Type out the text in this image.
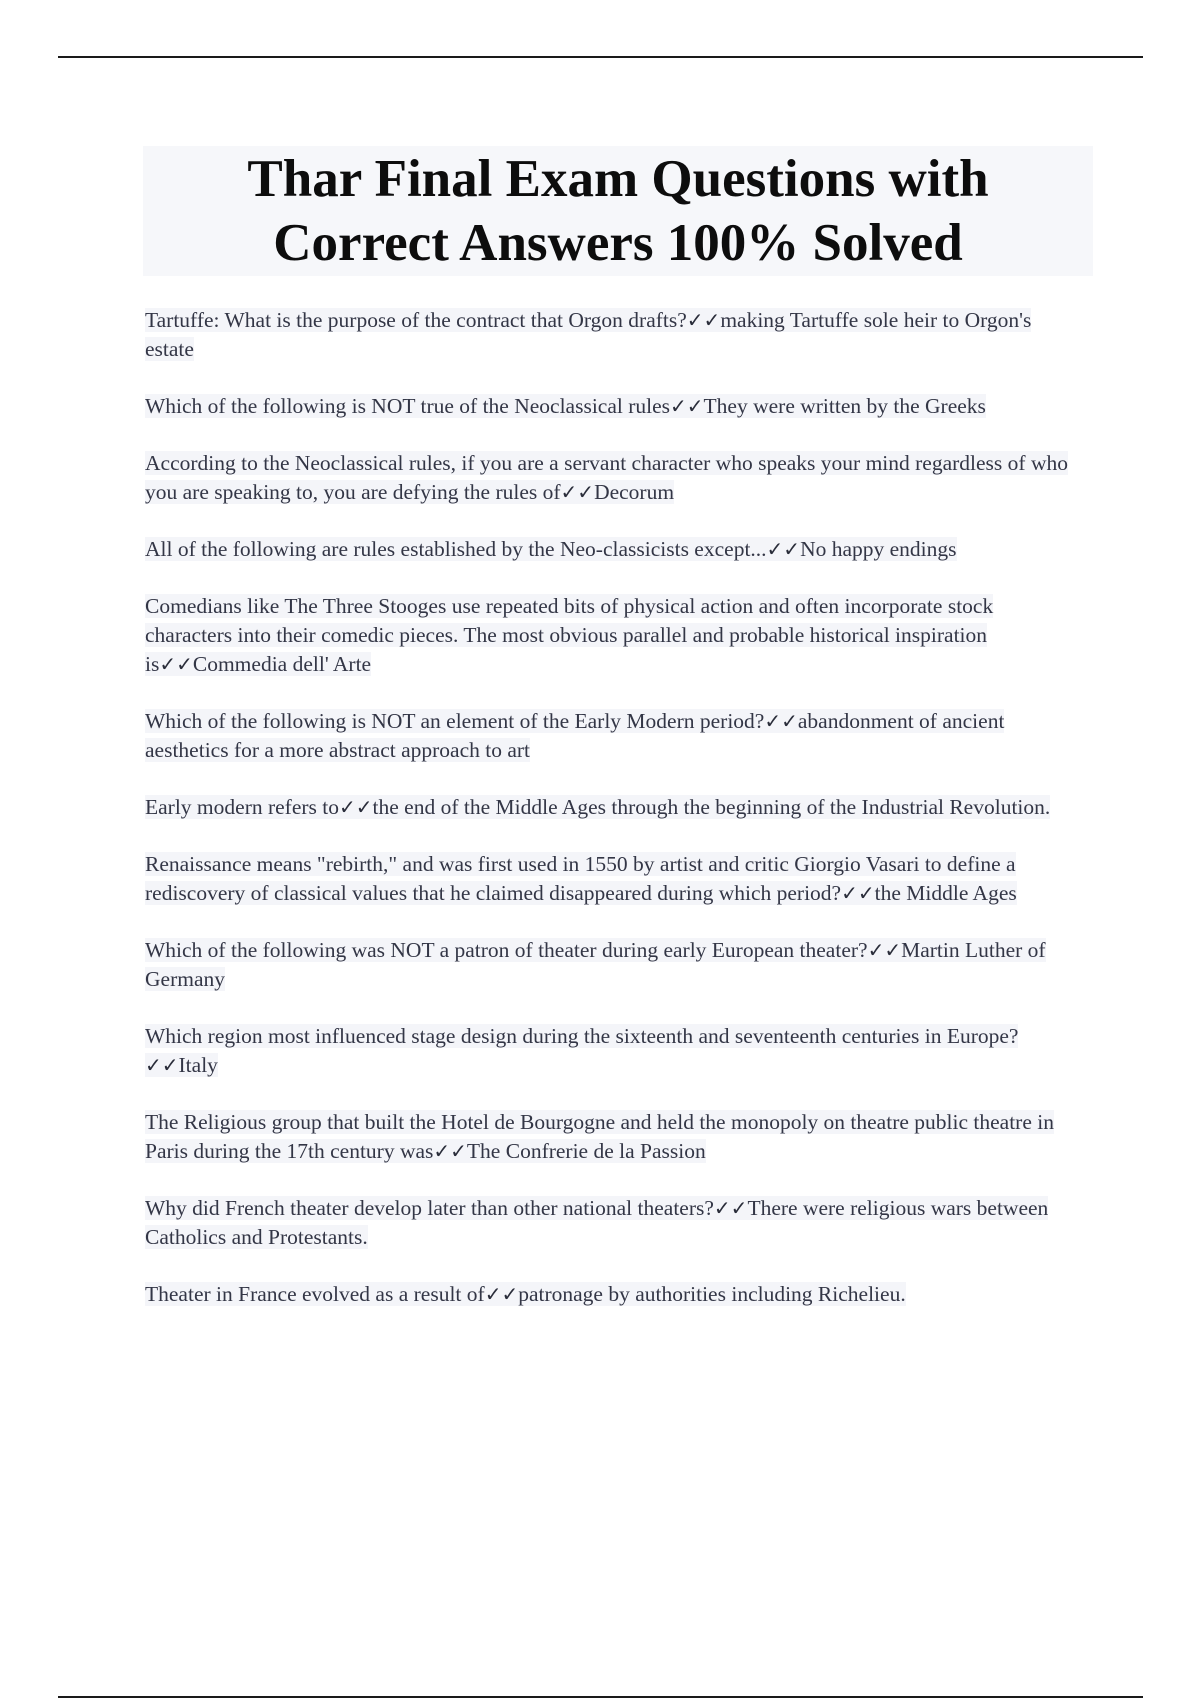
Thar Final Exam Questions with Correct Answers 100% Solved

Tartuffe: What is the purpose of the contract that Orgon drafts?✓✓making Tartuffe sole heir to Orgon's estate

Which of the following is NOT true of the Neoclassical rules✓✓They were written by the Greeks

According to the Neoclassical rules, if you are a servant character who speaks your mind regardless of who you are speaking to, you are defying the rules of✓✓Decorum

All of the following are rules established by the Neo-classicists except...✓✓No happy endings

Comedians like The Three Stooges use repeated bits of physical action and often incorporate stock characters into their comedic pieces. The most obvious parallel and probable historical inspiration is✓✓Commedia dell' Arte

Which of the following is NOT an element of the Early Modern period?✓✓abandonment of ancient aesthetics for a more abstract approach to art

Early modern refers to✓✓the end of the Middle Ages through the beginning of the Industrial Revolution.

Renaissance means "rebirth," and was first used in 1550 by artist and critic Giorgio Vasari to define a rediscovery of classical values that he claimed disappeared during which period?✓✓the Middle Ages

Which of the following was NOT a patron of theater during early European theater?✓✓Martin Luther of Germany

Which region most influenced stage design during the sixteenth and seventeenth centuries in Europe?✓✓Italy

The Religious group that built the Hotel de Bourgogne and held the monopoly on theatre public theatre in Paris during the 17th century was✓✓The Confrerie de la Passion

Why did French theater develop later than other national theaters?✓✓There were religious wars between Catholics and Protestants.

Theater in France evolved as a result of✓✓patronage by authorities including Richelieu.
